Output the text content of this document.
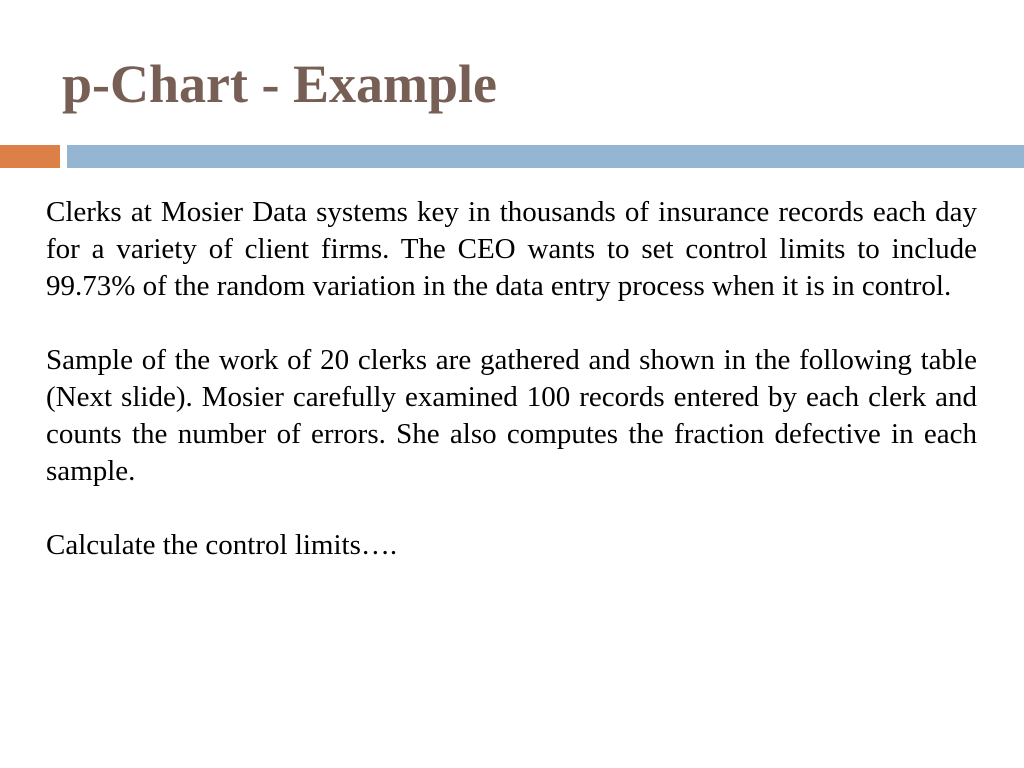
p-Chart - Example

Clerks at Mosier Data systems key in thousands of insurance records each day for a variety of client firms. The CEO wants to set control limits to include 99.73% of the random variation in the data entry process when it is in control.

Sample of the work of 20 clerks are gathered and shown in the following table (Next slide). Mosier carefully examined 100 records entered by each clerk and counts the number of errors. She also computes the fraction defective in each sample.

Calculate the control limits….
